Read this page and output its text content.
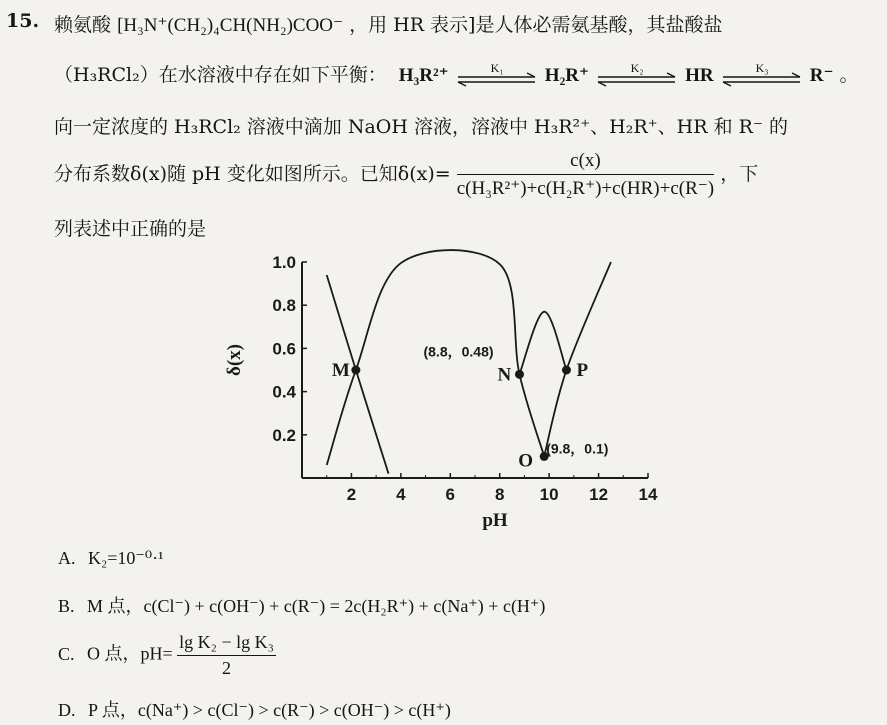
15. 赖氨酸 [H₃N⁺(CH₂)₄CH(NH₂)COO⁻ ，用 HR 表示]是人体必需氨基酸，其盐酸盐
（H₃RCl₂）在水溶液中存在如下平衡： H₃R²⁺	K₁ H₂R⁺	K₂ HR	K₃ R⁻ 。
向一定浓度的 H₃RCl₂ 溶液中滴加 NaOH 溶液，溶液中 H₃R²⁺、H₂R⁺、HR 和 R⁻ 的
分布系数δ(x)随 pH 变化如图所示。已知$\delta(x)= \frac{c(x)}{\text{c(H₃R²⁺)+c(H₂R⁺)+c(HR)+c(R⁻)}}$ ，下
列表述中正确的是
2 4 6 8 10 12 14
0.2
0.4
0.6
0.8
1.0
pH
δ(x)	M	N
(8.8，0.48)
O
(9.8，0.1)
P
A. K₂=10⁻⁰·¹
B. M 点，c(Cl⁻) + c(OH⁻) + c(R⁻) = 2c(H₂R⁺) + c(Na⁺) + c(H⁺)
C. O 点，$pH= \frac{\text{lg K₂ − lg K₃}}{2}$
D. P 点，c(Na⁺) > c(Cl⁻) > c(R⁻) > c(OH⁻) > c(H⁺)
